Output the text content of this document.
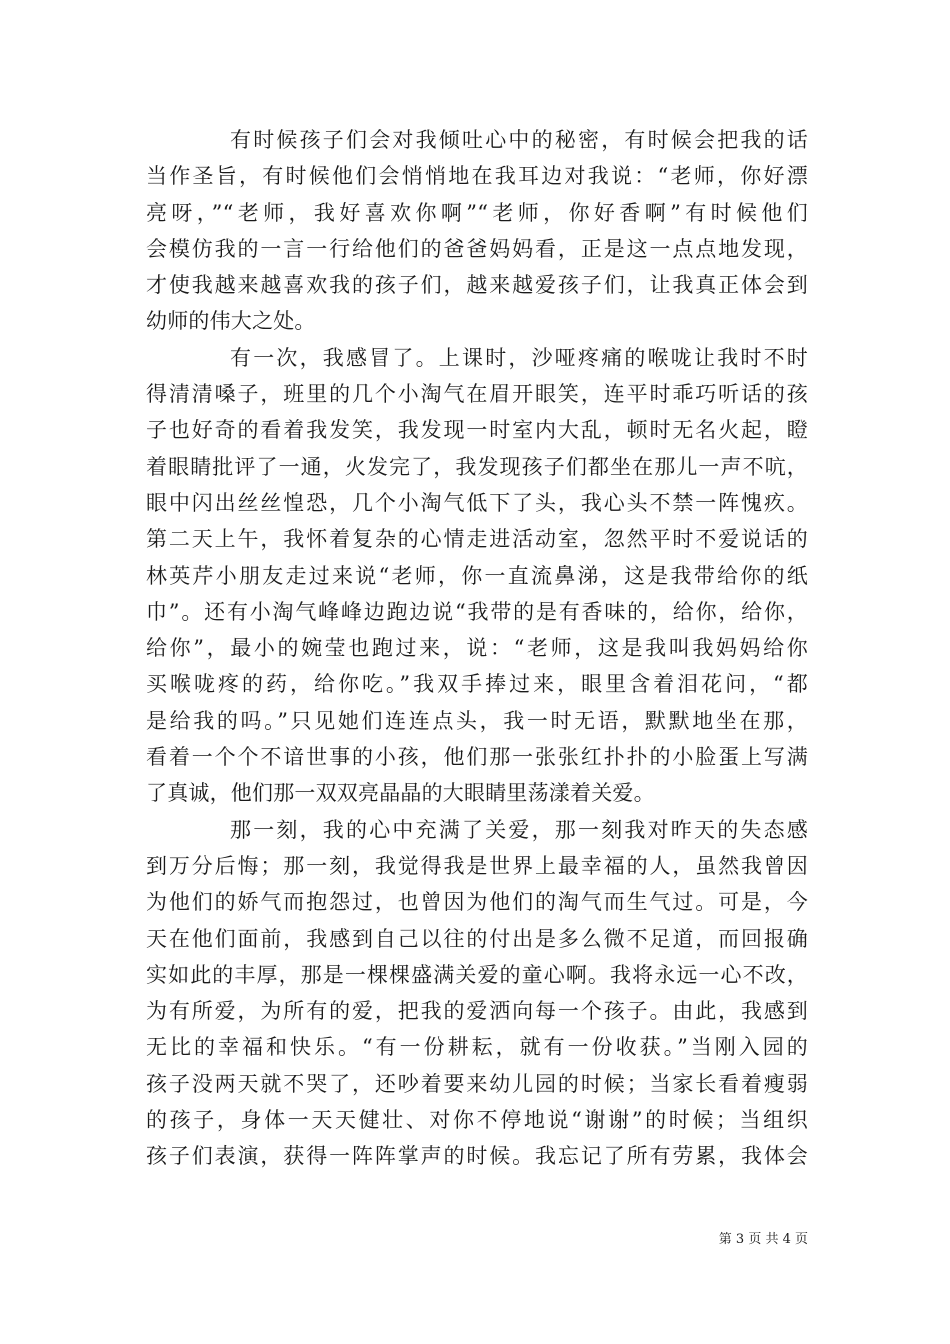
有时候孩子们会对我倾吐心中的秘密，有时候会把我的话
当作圣旨，有时候他们会悄悄地在我耳边对我说：“老师，你好漂
亮呀，”“老师，我好喜欢你啊”“老师，你好香啊”有时候他们
会模仿我的一言一行给他们的爸爸妈妈看，正是这一点点地发现，
才使我越来越喜欢我的孩子们，越来越爱孩子们，让我真正体会到
幼师的伟大之处。
有一次，我感冒了。上课时，沙哑疼痛的喉咙让我时不时
得清清嗓子，班里的几个小淘气在眉开眼笑，连平时乖巧听话的孩
子也好奇的看着我发笑，我发现一时室内大乱，顿时无名火起，瞪
着眼睛批评了一通，火发完了，我发现孩子们都坐在那儿一声不吭，
眼中闪出丝丝惶恐，几个小淘气低下了头，我心头不禁一阵愧疚。
第二天上午，我怀着复杂的心情走进活动室，忽然平时不爱说话的
林英芹小朋友走过来说“老师，你一直流鼻涕，这是我带给你的纸
巾”。还有小淘气峰峰边跑边说“我带的是有香味的，给你，给你，
给你”，最小的婉莹也跑过来，说：“老师，这是我叫我妈妈给你
买喉咙疼的药，给你吃。”我双手捧过来，眼里含着泪花问，“都
是给我的吗。”只见她们连连点头，我一时无语，默默地坐在那，
看着一个个不谙世事的小孩，他们那一张张红扑扑的小脸蛋上写满
了真诚，他们那一双双亮晶晶的大眼睛里荡漾着关爱。
那一刻，我的心中充满了关爱，那一刻我对昨天的失态感
到万分后悔；那一刻，我觉得我是世界上最幸福的人，虽然我曾因
为他们的娇气而抱怨过，也曾因为他们的淘气而生气过。可是，今
天在他们面前，我感到自己以往的付出是多么微不足道，而回报确
实如此的丰厚，那是一棵棵盛满关爱的童心啊。我将永远一心不改，
为有所爱，为所有的爱，把我的爱洒向每一个孩子。由此，我感到
无比的幸福和快乐。“有一份耕耘，就有一份收获。”当刚入园的
孩子没两天就不哭了，还吵着要来幼儿园的时候；当家长看着瘦弱
的孩子，身体一天天健壮、对你不停地说“谢谢”的时候；当组织
孩子们表演，获得一阵阵掌声的时候。我忘记了所有劳累，我体会
第 3 页 共 4 页
